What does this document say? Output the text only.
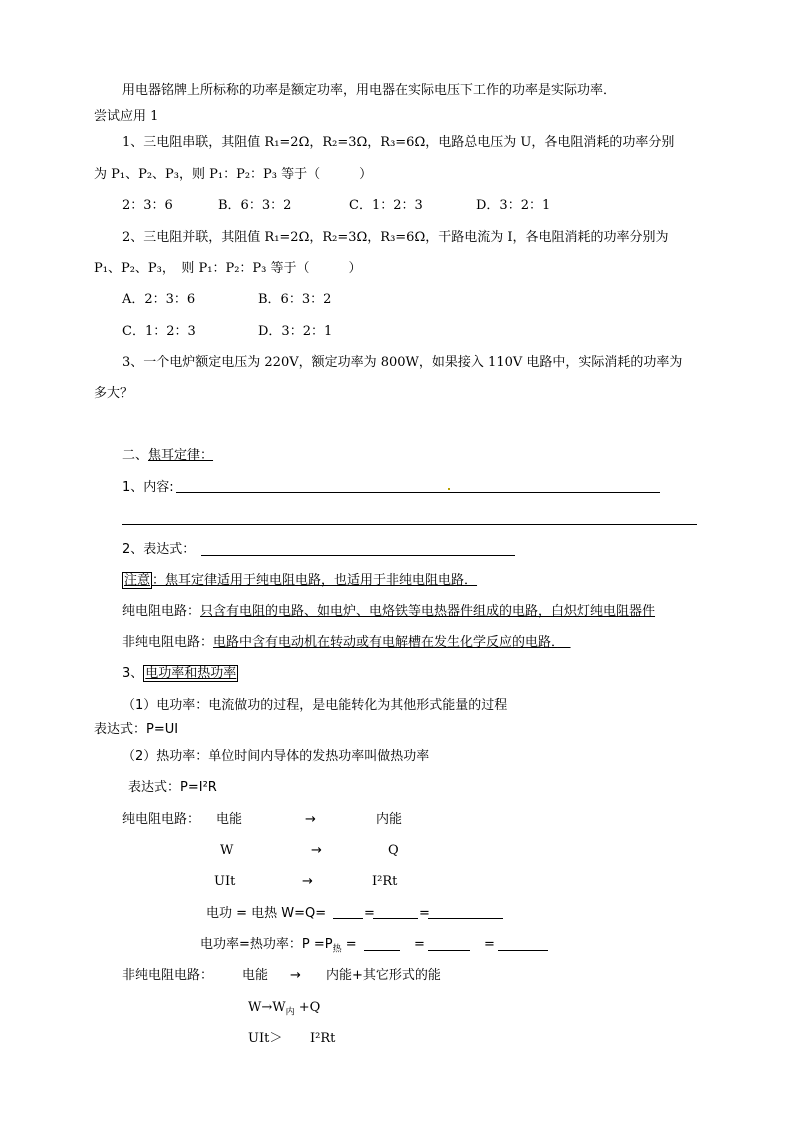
用电器铭牌上所标称的功率是额定功率，用电器在实际电压下工作的功率是实际功率．
尝试应用 1
1、三电阻串联，其阻值 R₁=2Ω，R₂=3Ω，R₃=6Ω，电路总电压为 U，各电阻消耗的功率分别
为 P₁、P₂、P₃，则 P₁：P₂：P₃ 等于（　　　）
2：3：6	B．6：3：2	C．1：2：3	D．3：2：1
2、三电阻并联，其阻值 R₁=2Ω，R₂=3Ω，R₃=6Ω，干路电流为 I，各电阻消耗的功率分别为
P₁、P₂、P₃，　则 P₁：P₂：P₃ 等于（　　　）
A．2：3：6	B．6：3：2
C．1：2：3	D．3：2：1
3、一个电炉额定电压为 220V，额定功率为 800W，如果接入 110V 电路中，实际消耗的功率为
多大？
二、焦耳定律：
1、内容:
2、表达式：
注意 ：焦耳定律适用于纯电阻电路，也适用于非纯电阻电路．
纯电阻电路：只含有电阻的电路、如电炉、电烙铁等电热器件组成的电路，白炽灯纯电阻器件
非纯电阻电路：电路中含有电动机在转动或有电解槽在发生化学反应的电路．　
3、 电功率和热功率
（1）电功率：电流做功的过程，是电能转化为其他形式能量的过程
表达式：P=UI
（2）热功率：单位时间内导体的发热功率叫做热功率
表达式：P=I²R
纯电阻电路： 电能	→	内能
W	→	Q
UIt	→	I²Rt
电功 = 电热 W=Q=	=	=
电功率=热功率：$P =P_热$ =	=	=
非纯电阻电路： 电能 → 内能+其它形式的能
$W\to W_内 +Q$
UIt＞ I²Rt
